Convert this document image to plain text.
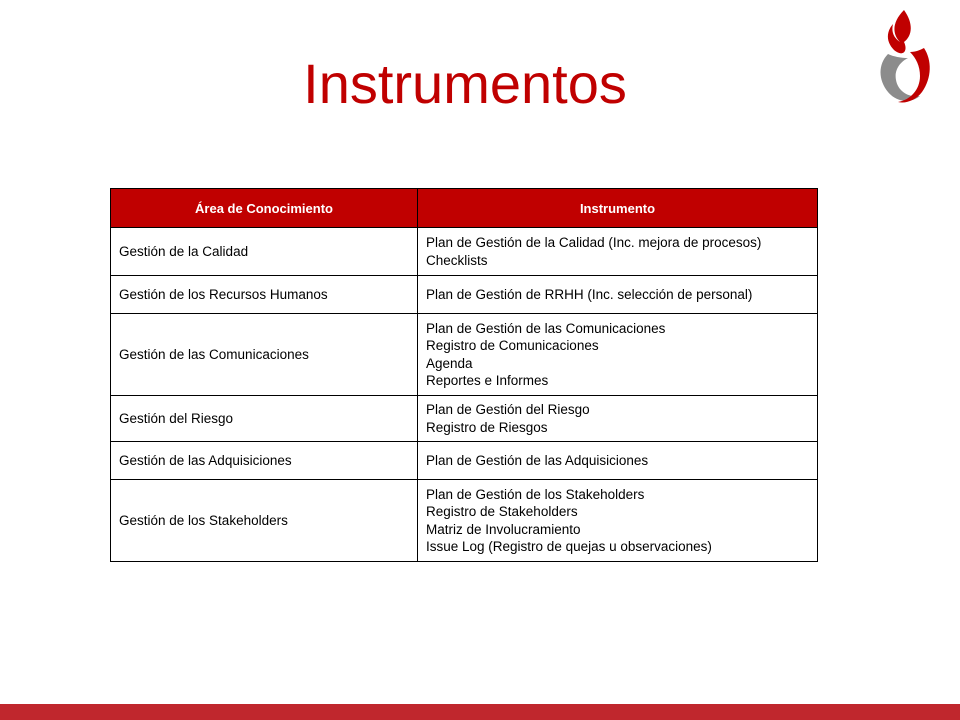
Instrumentos
Área de Conocimiento	Instrumento
Gestión de la Calidad	Plan de Gestión de la Calidad (Inc. mejora de procesos)
Checklists

Gestión de los Recursos Humanos	Plan de Gestión de RRHH (Inc. selección de personal)

Gestión de las Comunicaciones	Plan de Gestión de las Comunicaciones
Registro de Comunicaciones
Agenda
Reportes e Informes

Gestión del Riesgo	Plan de Gestión del Riesgo
Registro de Riesgos

Gestión de las Adquisiciones	Plan de Gestión de las Adquisiciones

Gestión de los Stakeholders	Plan de Gestión de los Stakeholders
Registro de Stakeholders
Matriz de Involucramiento
Issue Log (Registro de quejas u observaciones)
